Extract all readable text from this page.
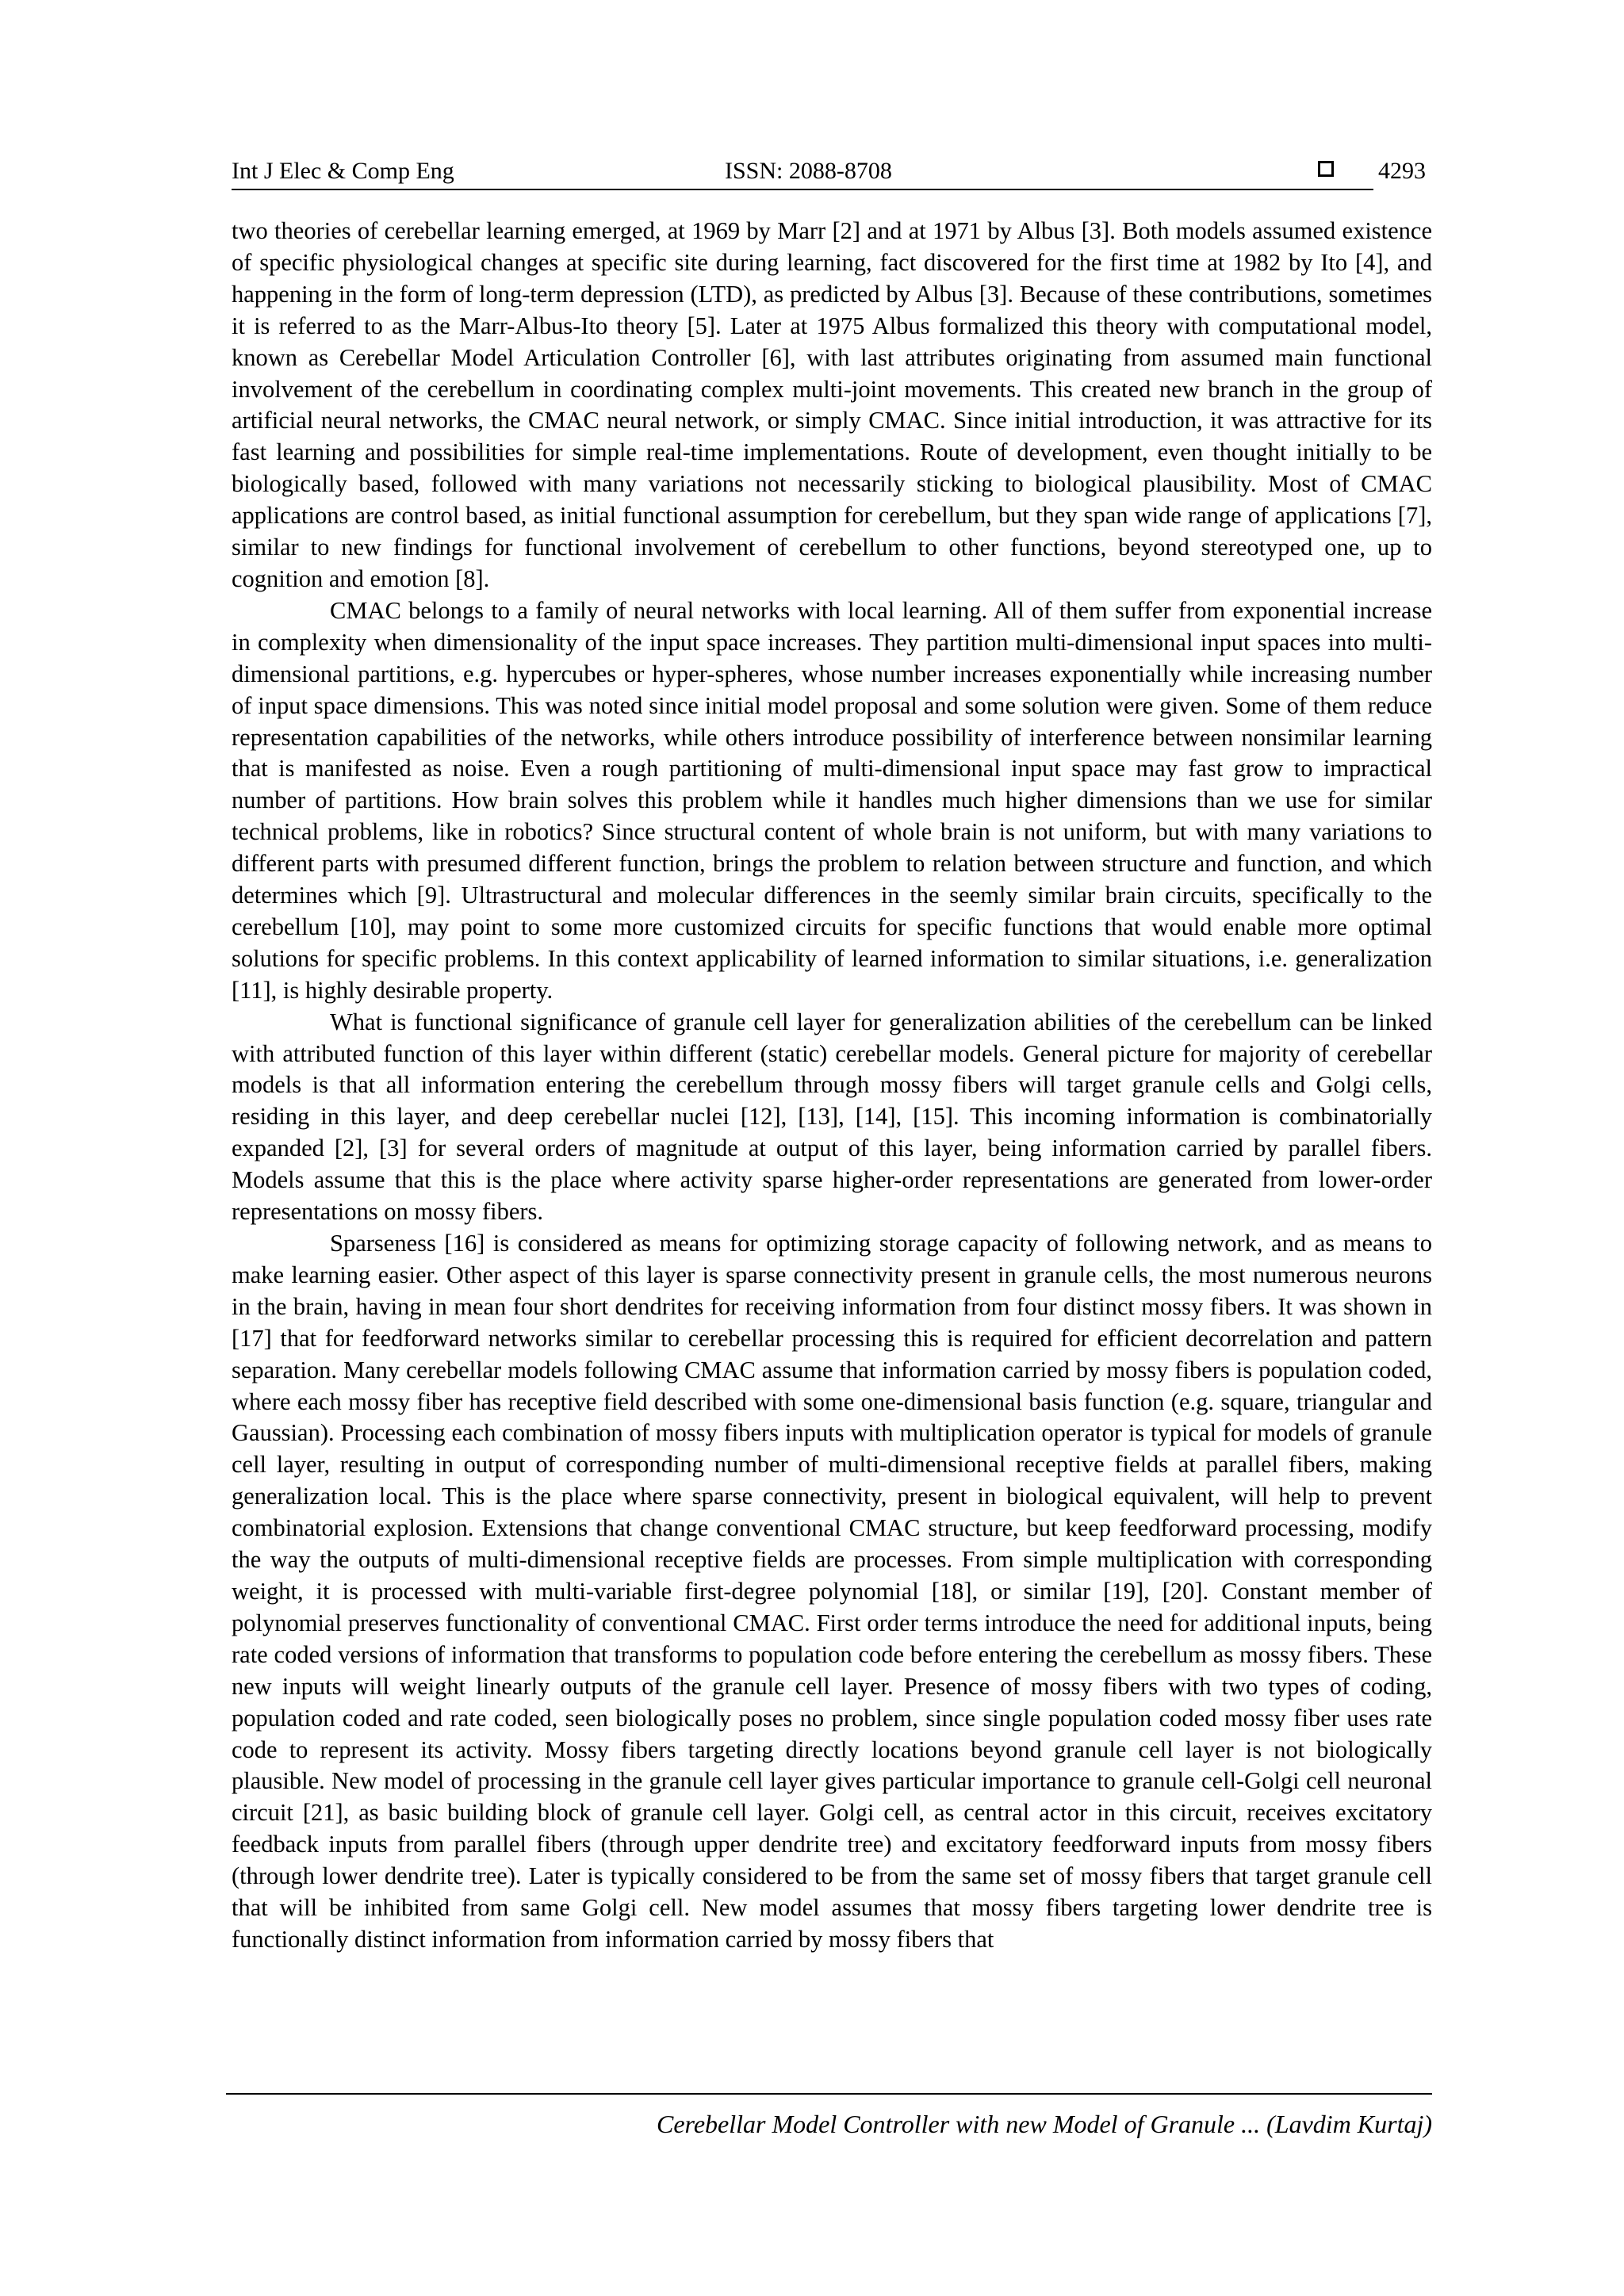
Int J Elec & Comp Eng	ISSN: 2088-8708	4293

two theories of cerebellar learning emerged, at 1969 by Marr [2] and at 1971 by Albus [3]. Both models assumed existence of specific physiological changes at specific site during learning, fact discovered for the first time at 1982 by Ito [4], and happening in the form of long-term depression (LTD), as predicted by Albus [3]. Because of these contributions, sometimes it is referred to as the Marr-Albus-Ito theory [5]. Later at 1975 Albus formalized this theory with computational model, known as Cerebellar Model Articulation Controller [6], with last attributes originating from assumed main functional involvement of the cerebellum in coordinating complex multi-joint movements. This created new branch in the group of artificial neural networks, the CMAC neural network, or simply CMAC. Since initial introduction, it was attractive for its fast learning and possibilities for simple real-time implementations. Route of development, even thought initially to be biologically based, followed with many variations not necessarily sticking to biological plausibility. Most of CMAC applications are control based, as initial functional assumption for cerebellum, but they span wide range of applications [7], similar to new findings for functional involvement of cerebellum to other functions, beyond stereotyped one, up to cognition and emotion [8].

CMAC belongs to a family of neural networks with local learning. All of them suffer from exponential increase in complexity when dimensionality of the input space increases. They partition multi-dimensional input spaces into multi-dimensional partitions, e.g. hypercubes or hyper-spheres, whose number increases exponentially while increasing number of input space dimensions. This was noted since initial model proposal and some solution were given. Some of them reduce representation capabilities of the networks, while others introduce possibility of interference between nonsimilar learning that is manifested as noise. Even a rough partitioning of multi-dimensional input space may fast grow to impractical number of partitions. How brain solves this problem while it handles much higher dimensions than we use for similar technical problems, like in robotics? Since structural content of whole brain is not uniform, but with many variations to different parts with presumed different function, brings the problem to relation between structure and function, and which determines which [9]. Ultrastructural and molecular differences in the seemly similar brain circuits, specifically to the cerebellum [10], may point to some more customized circuits for specific functions that would enable more optimal solutions for specific problems. In this context applicability of learned information to similar situations, i.e. generalization [11], is highly desirable property.

What is functional significance of granule cell layer for generalization abilities of the cerebellum can be linked with attributed function of this layer within different (static) cerebellar models. General picture for majority of cerebellar models is that all information entering the cerebellum through mossy fibers will target granule cells and Golgi cells, residing in this layer, and deep cerebellar nuclei [12], [13], [14], [15]. This incoming information is combinatorially expanded [2], [3] for several orders of magnitude at output of this layer, being information carried by parallel fibers. Models assume that this is the place where activity sparse higher-order representations are generated from lower-order representations on mossy fibers.

Sparseness [16] is considered as means for optimizing storage capacity of following network, and as means to make learning easier. Other aspect of this layer is sparse connectivity present in granule cells, the most numerous neurons in the brain, having in mean four short dendrites for receiving information from four distinct mossy fibers. It was shown in [17] that for feedforward networks similar to cerebellar processing this is required for efficient decorrelation and pattern separation. Many cerebellar models following CMAC assume that information carried by mossy fibers is population coded, where each mossy fiber has receptive field described with some one-dimensional basis function (e.g. square, triangular and Gaussian). Processing each combination of mossy fibers inputs with multiplication operator is typical for models of granule cell layer, resulting in output of corresponding number of multi-dimensional receptive fields at parallel fibers, making generalization local. This is the place where sparse connectivity, present in biological equivalent, will help to prevent combinatorial explosion. Extensions that change conventional CMAC structure, but keep feedforward processing, modify the way the outputs of multi-dimensional receptive fields are processes. From simple multiplication with corresponding weight, it is processed with multi-variable first-degree polynomial [18], or similar [19], [20]. Constant member of polynomial preserves functionality of conventional CMAC. First order terms introduce the need for additional inputs, being rate coded versions of information that transforms to population code before entering the cerebellum as mossy fibers. These new inputs will weight linearly outputs of the granule cell layer. Presence of mossy fibers with two types of coding, population coded and rate coded, seen biologically poses no problem, since single population coded mossy fiber uses rate code to represent its activity. Mossy fibers targeting directly locations beyond granule cell layer is not biologically plausible. New model of processing in the granule cell layer gives particular importance to granule cell-Golgi cell neuronal circuit [21], as basic building block of granule cell layer. Golgi cell, as central actor in this circuit, receives excitatory feedback inputs from parallel fibers (through upper dendrite tree) and excitatory feedforward inputs from mossy fibers (through lower dendrite tree). Later is typically considered to be from the same set of mossy fibers that target granule cell that will be inhibited from same Golgi cell. New model assumes that mossy fibers targeting lower dendrite tree is functionally distinct information from information carried by mossy fibers that

Cerebellar Model Controller with new Model of Granule ... (Lavdim Kurtaj)
